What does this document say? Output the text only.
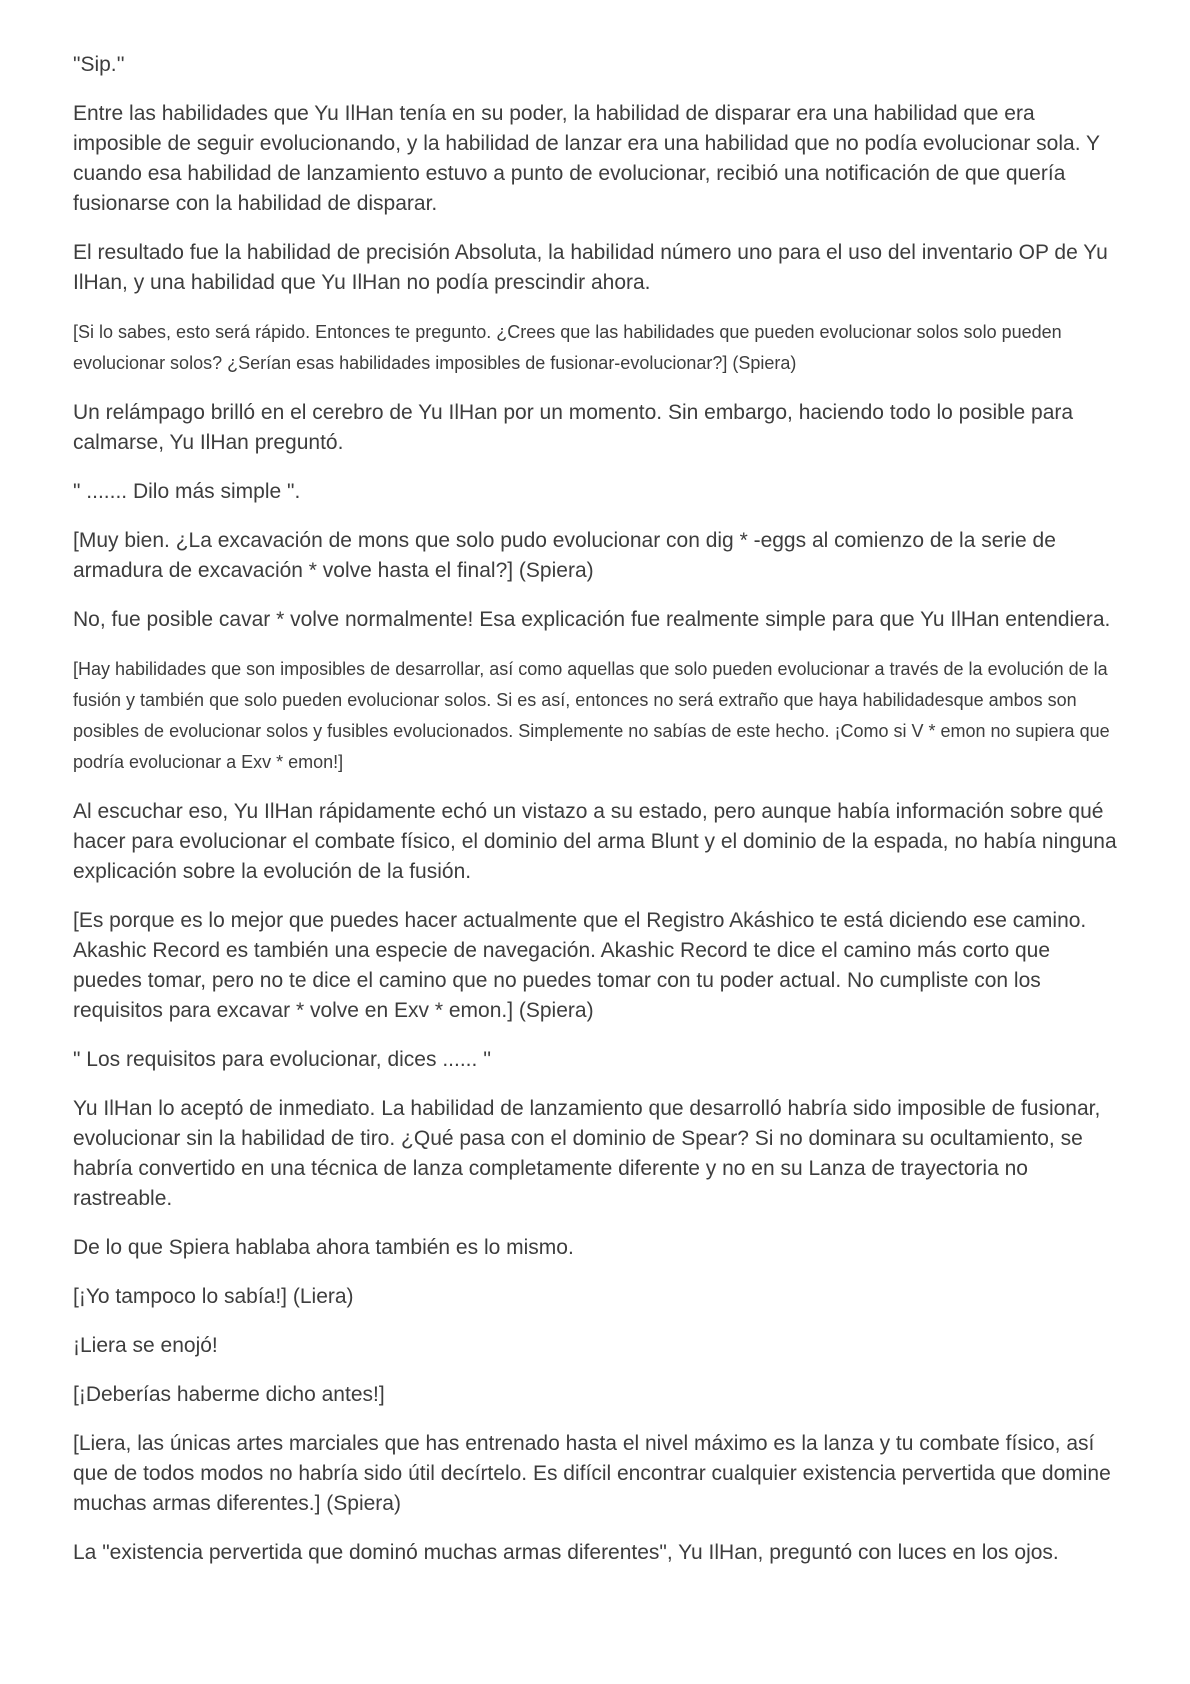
"Sip.''

Entre las habilidades que Yu IlHan tenía en su poder, la habilidad de disparar era una habilidad que era imposible de seguir evolucionando, y la habilidad de lanzar era una habilidad que no podía evolucionar sola. Y cuando esa habilidad de lanzamiento estuvo a punto de evolucionar, recibió una notificación de que quería fusionarse con la habilidad de disparar.

El resultado fue la habilidad de precisión Absoluta, la habilidad número uno para el uso del inventario OP de Yu IlHan, y una habilidad que Yu IlHan no podía prescindir ahora.

[Si lo sabes, esto será rápido. Entonces te pregunto. ¿Crees que las habilidades que pueden evolucionar solos solo pueden evolucionar solos? ¿Serían esas habilidades imposibles de fusionar-evolucionar?] (Spiera)

Un relámpago brilló en el cerebro de Yu IlHan por un momento. Sin embargo, haciendo todo lo posible para calmarse, Yu IlHan preguntó.

" ....... Dilo más simple ".

[Muy bien. ¿La excavación de mons que solo pudo evolucionar con dig * -eggs al comienzo de la serie de armadura de excavación * volve hasta el final?] (Spiera)

No, fue posible cavar * volve normalmente! Esa explicación fue realmente simple para que Yu IlHan entendiera.

[Hay habilidades que son imposibles de desarrollar, así como aquellas que solo pueden evolucionar a través de la evolución de la fusión y también que solo pueden evolucionar solos. Si es así, entonces no será extraño que haya habilidadesque ambos son posibles de evolucionar solos y fusibles evolucionados. Simplemente no sabías de este hecho. ¡Como si V * emon no supiera que podría evolucionar a Exv * emon!]

Al escuchar eso, Yu IlHan rápidamente echó un vistazo a su estado, pero aunque había información sobre qué hacer para evolucionar el combate físico, el dominio del arma Blunt y el dominio de la espada, no había ninguna explicación sobre la evolución de la fusión.

[Es porque es lo mejor que puedes hacer actualmente que el Registro Akáshico te está diciendo ese camino. Akashic Record es también una especie de navegación. Akashic Record te dice el camino más corto que puedes tomar, pero no te dice el camino que no puedes tomar con tu poder actual. No cumpliste con los requisitos para excavar * volve en Exv * emon.] (Spiera)

" Los requisitos para evolucionar, dices ...... ''

Yu IlHan lo aceptó de inmediato. La habilidad de lanzamiento que desarrolló habría sido imposible de fusionar, evolucionar sin la habilidad de tiro. ¿Qué pasa con el dominio de Spear? Si no dominara su ocultamiento, se habría convertido en una técnica de lanza completamente diferente y no en su Lanza de trayectoria no rastreable.

De lo que Spiera hablaba ahora también es lo mismo.

[¡Yo tampoco lo sabía!] (Liera)

¡Liera se enojó!

[¡Deberías haberme dicho antes!]

[Liera, las únicas artes marciales que has entrenado hasta el nivel máximo es la lanza y tu combate físico, así que de todos modos no habría sido útil decírtelo. Es difícil encontrar cualquier existencia pervertida que domine muchas armas diferentes.] (Spiera)

La "existencia pervertida que dominó muchas armas diferentes", Yu IlHan, preguntó con luces en los ojos.
